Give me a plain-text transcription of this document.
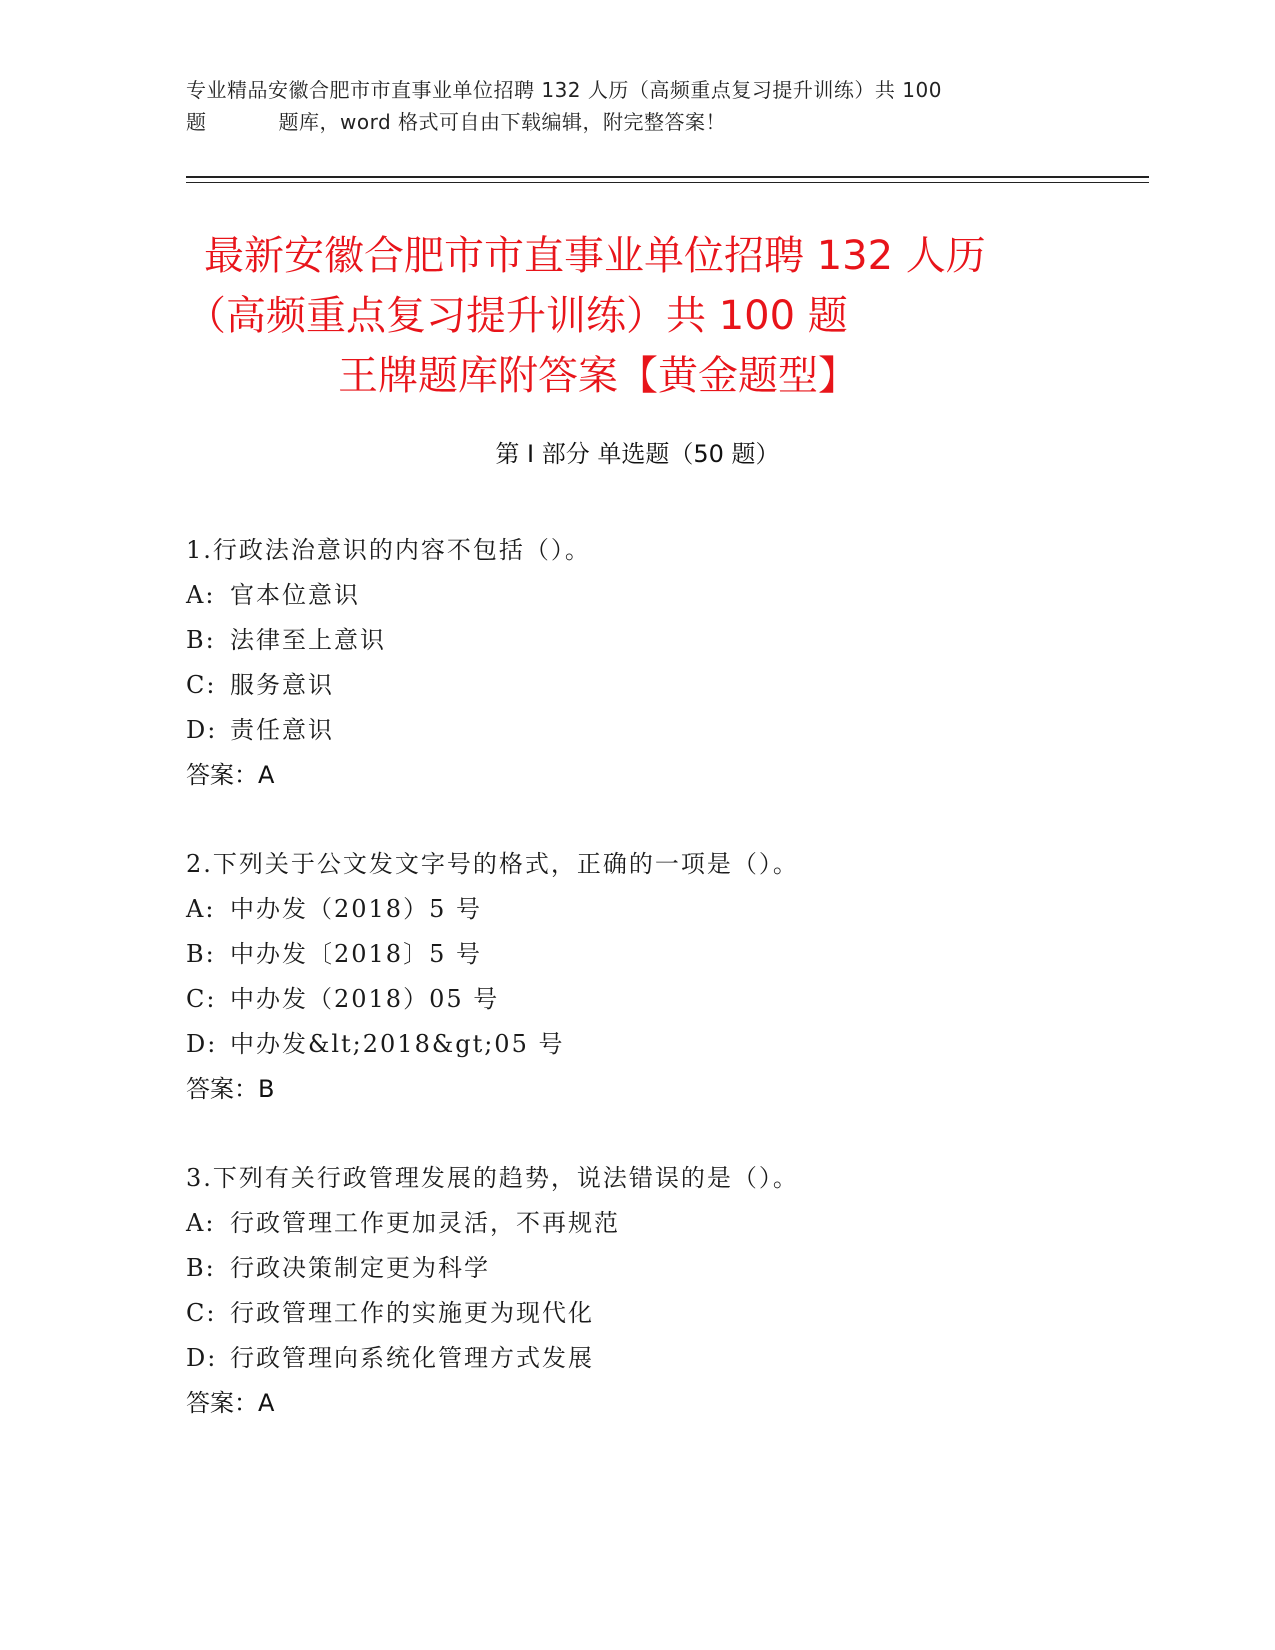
专业精品安徽合肥市市直事业单位招聘 132 人历（高频重点复习提升训练）共 100
题	题库，word 格式可自由下载编辑，附完整答案！
最新安徽合肥市市直事业单位招聘 132 人历
（高频重点复习提升训练）共 100 题
王牌题库附答案【黄金题型】
第 I 部分 单选题（50 题）
1.行政法治意识的内容不包括（）。
A: 官本位意识
B: 法律至上意识
C: 服务意识
D: 责任意识
答案：A
2.下列关于公文发文字号的格式，正确的一项是（）。
A: 中办发（2018）5 号
B: 中办发〔2018〕5 号
C: 中办发（2018）05 号
D: 中办发&lt;2018&gt;05 号
答案：B
3.下列有关行政管理发展的趋势，说法错误的是（）。
A: 行政管理工作更加灵活，不再规范
B: 行政决策制定更为科学
C: 行政管理工作的实施更为现代化
D: 行政管理向系统化管理方式发展
答案：A
